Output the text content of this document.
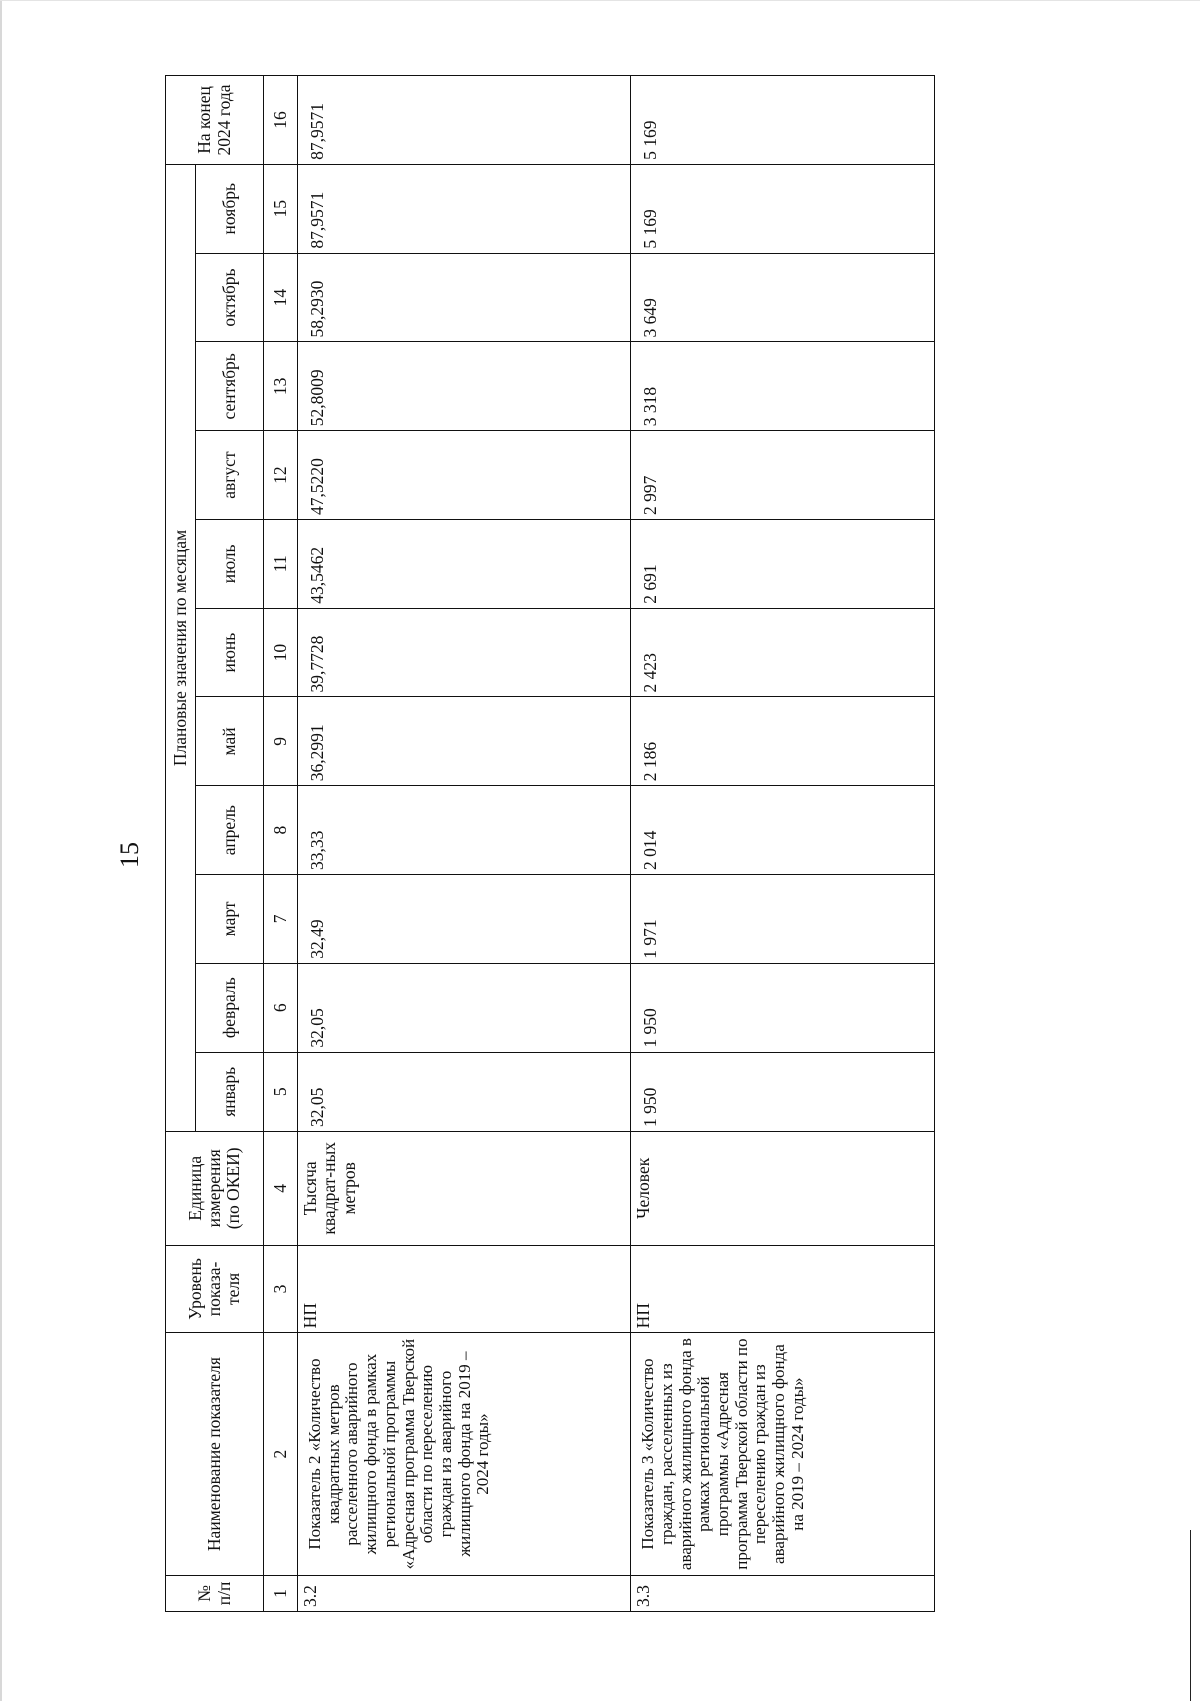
15
№ п/п	Наименование показателя	Уровень показа-теля	Единица измерения (по ОКЕИ)	Плановые значения по месяцам											На конец 2024 года
				январь	февраль	март	апрель	май	июнь	июль	август	сентябрь	октябрь	ноябрь	
1	2	3	4	5	6	7	8	9	10	11	12	13	14	15	16
3.2	Показатель 2 «Количество квадратных метров расселенного аварийного жилищного фонда в рамках региональной программы «Адресная программа Тверской области по переселению граждан из аварийного жилищного фонда на 2019 – 2024 годы»	НП	Тысяча квадрат-ных метров	32,05	32,05	32,49	33,33	36,2991	39,7728	43,5462	47,5220	52,8009	58,2930	87,9571	87,9571
3.3	Показатель 3 «Количество граждан, расселенных из аварийного жилищного фонда в рамках региональной программы «Адресная программа Тверской области по переселению граждан из аварийного жилищного фонда на 2019 – 2024 годы»	НП	Человек	1 950	1 950	1 971	2 014	2 186	2 423	2 691	2 997	3 318	3 649	5 169	5 169
